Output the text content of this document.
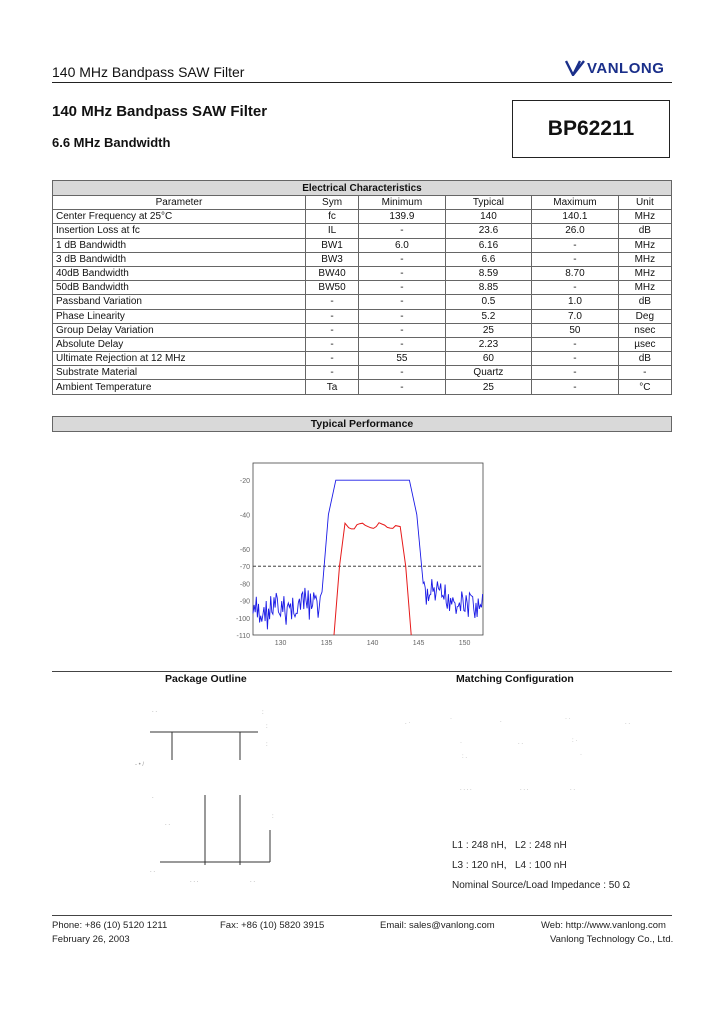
140 MHz Bandpass SAW Filter	VANLONG
140 MHz Bandpass SAW Filter
6.6 MHz Bandwidth
BP62211
Electrical Characteristics					
Parameter	Sym	Minimum	Typical	Maximum	Unit
Center Frequency at 25°C	fc	139.9	140	140.1	MHz
Insertion Loss at fc	IL	-	23.6	26.0	dB
1 dB Bandwidth	BW1	6.0	6.16	-	MHz
3 dB Bandwidth	BW3	-	6.6	-	MHz
40dB Bandwidth	BW40	-	8.59	8.70	MHz
50dB Bandwidth	BW50	-	8.85	-	MHz
Passband Variation	-	-	0.5	1.0	dB
Phase Linearity	-	-	5.2	7.0	Deg
Group Delay Variation	-	-	25	50	nsec
Absolute Delay	-	-	2.23	-	µsec
Ultimate Rejection at 12 MHz	-	55	60	-	dB
Substrate Material	-	-	Quartz	-	-
Ambient Temperature	Ta	-	25	-	°C
Typical Performance
-20
-40
-60
-70
-80
-90
-100
-110
130	135	140	145	150
Package Outline	Matching Configuration
. .	:
:
- • /
:
.
. .
:
. .
. . .	. .
. ·
·	.	· ·
. .
·	. .	: ·
: .	·
. . . .	. . .	. .
L1 : 248 nH, L2 : 248 nH
L3 : 120 nH, L4 : 100 nH
Nominal Source/Load Impedance : 50 Ω
Phone: +86 (10) 5120 1211	Fax: +86 (10) 5820 3915	Email: sales@vanlong.com	Web: http://www.vanlong.com
February 26, 2003	Vanlong Technology Co., Ltd.
